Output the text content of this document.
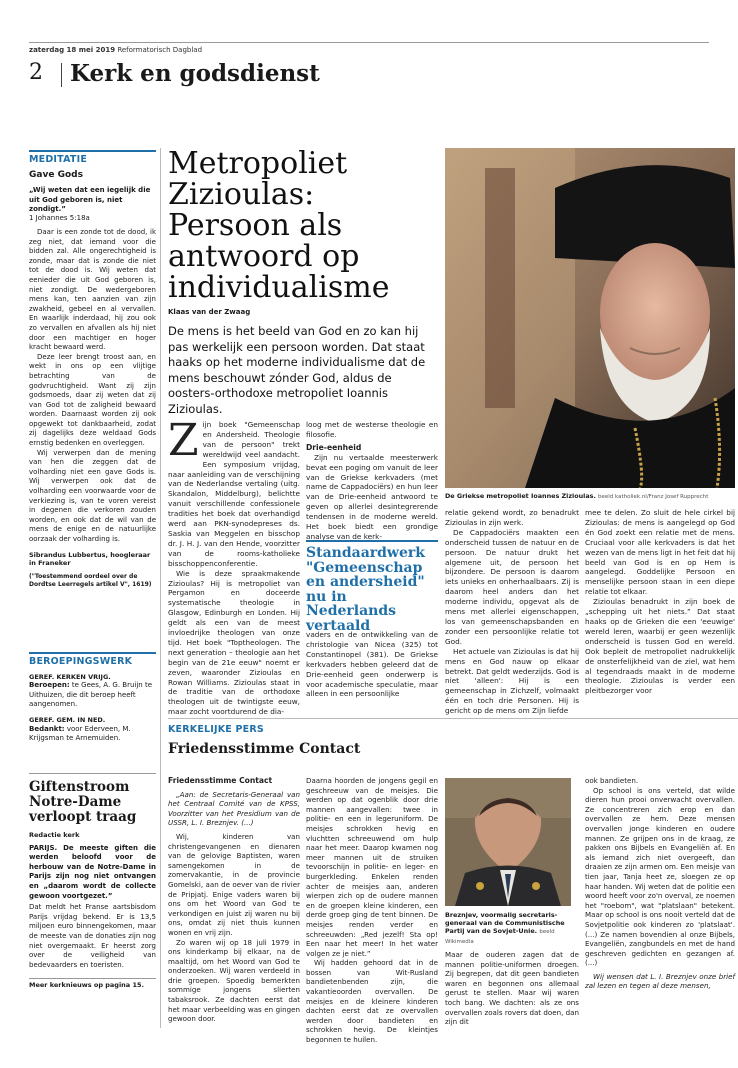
zaterdag 18 mei 2019 Reformatorisch Dagblad
2 Kerk en godsdienst
MEDITATIE
Gave Gods
„Wij weten dat een iegelijk die uit God geboren is, niet zondigt.”
1 Johannes 5:18a

Daar is een zonde tot de dood, ik zeg niet, dat iemand voor die bidden zal. Alle ongerechtigheid is zonde, maar dat is zonde die niet tot de dood is. Wij weten dat eenieder die uit God geboren is, niet zondigt. De wedergeboren mens kan, ten aanzien van zijn zwakheid, gebeel en al vervallen. En waarlijk inderdaad, hij zou ook zo vervallen en afvallen als hij niet door een machtiger en hoger kracht bewaard werd.

Deze leer brengt troost aan, en wekt in ons op een vlijtige betrachting van de godvruchtigheid. Want zij zijn godsmoeds, daar zij weten dat zij van God tot de zaligheid bewaard worden. Daarnaast worden zij ook opgewekt tot dankbaarheid, zodat zij dagelijks deze weldaad Gods ernstig bedenken en overleggen.

Wij verwerpen dan de mening van hen die zeggen dat de volharding niet een gave Gods is. Wij verwerpen ook dat de volharding een voorwaarde voor de verkiezing is, van te voren vereist in degenen die verkoren zouden worden, en ook dat de wil van de mens de enige en de natuurlijke oorzaak der volharding is.

Sibrandus Lubbertus, hoogleraar in Franeker
("Toestemmend oordeel over de Dordtse Leerregels artikel V", 1619)
BEROEPINGSWERK
GEREF. KERKEN VRIJG.
Beroepen: te Gees, A. G. Bruijn te Uithuizen, die dit beroep heeft aangenomen.
GEREF. GEM. IN NED.
Bedankt: voor Ederveen, M. Krijgsman te Arnemuiden.
Giftenstroom Notre-Dame verloopt traag
Redactie kerk
PARIJS. De meeste giften die werden beloofd voor de herbouw van de Notre-Dame in Parijs zijn nog niet ontvangen en „daarom wordt de collecte gewoon voortgezet.”

Dat meldt het Franse aartsbisdom Parijs vrijdag bekend. Er is 13,5 miljoen euro binnengekomen, maar de meeste van de donaties zijn nog niet overgemaakt. Er heerst zorg over de veiligheid van bedevaarders en toeristen.

Meer kerknieuws op pagina 15.
Metropoliet Zizioulas: Persoon als antwoord op individualisme
Klaas van der Zwaag
De mens is het beeld van God en zo kan hij pas werkelijk een persoon worden. Dat staat haaks op het moderne individualisme dat de mens beschouwt zónder God, aldus de oosters-orthodoxe metropoliet Ioannis Zizioulas.
De Griekse metropoliet Ioannes Zizioulas. beeld katholiek.nl/Franz Josef Rupprecht
Z ijn boek "Gemeenschap en Andersheid. Theologie van de persoon" trekt wereldwijd veel aandacht. Een symposium vrijdag, naar aanleiding van de verschijning van de Nederlandse vertaling (uitg. Skandalon, Middelburg), belichtte vanuit verschillende confessionele tradities het boek dat overhandigd werd aan PKN-synodepreses ds. Saskia van Meggelen en bisschop dr. J. H. J. van den Hende, voorzitter van de rooms-katholieke bisschoppenconferentie.

Wie is deze spraakmakende Zizioulas? Hij is metropoliet van Pergamon en doceerde systematische theologie in Glasgow, Edinburgh en Londen. Hij geldt als een van de meest invloedrijke theologen van onze tijd. Het boek "Toptheologen. The next generation – theologie aan het begin van de 21e eeuw" noemt er zeven, waaronder Zizioulas en Rowan Williams. Zizioulas staat in de traditie van de orthodoxe theologen uit de twintigste eeuw, maar zocht voortdurend de dia-

loog met de westerse theologie en filosofie.

Drie-eenheid

Zijn nu vertaalde meesterwerk bevat een poging om vanuit de leer van de Griekse kerkvaders (met name de Cappadociërs) en hun leer van de Drie-eenheid antwoord te geven op allerlei desintegrerende tendensen in de moderne wereld. Het boek biedt een grondige analyse van de kerk-

Standaardwerk "Gemeenschap en andersheid" nu in Nederlands vertaald

vaders en de ontwikkeling van de christologie van Nicea (325) tot Constantinopel (381). De Griekse kerkvaders hebben geleerd dat de Drie-eenheid geen onderwerp is voor academische speculatie, maar alleen in een persoonlijke

relatie gekend wordt, zo benadrukt Zizioulas in zijn werk.

De Cappadociërs maakten een onderscheid tussen de natuur en de persoon. De natuur drukt het algemene uit, de persoon het bijzondere. De persoon is daarom iets unieks en onherhaalbaars. Zij is daarom heel anders dan het moderne individu, opgevat als de mens met allerlei eigenschappen, los van gemeenschapsbanden en zonder een persoonlijke relatie tot God.

Het actuele van Zizioulas is dat hij mens en God nauw op elkaar betrekt. Dat geldt wederzijds. God is niet 'alleen': Hij is een gemeenschap in Zichzelf, volmaakt één en toch drie Personen. Hij is gericht op de mens om Zijn liefde

mee te delen. Zo sluit de hele cirkel bij Zizioulas: de mens is aangelegd op God én God zoekt een relatie met de mens. Cruciaal voor alle kerkvaders is dat het wezen van de mens ligt in het feit dat hij beeld van God is en op Hem is aangelegd. Goddelijke Persoon en menselijke persoon staan in een diepe relatie tot elkaar.

Zizioulas benadrukt in zijn boek de „schepping uit het niets.” Dat staat haaks op de Grieken die een 'eeuwige' wereld leren, waarbij er geen wezenlijk onderscheid is tussen God en wereld. Ook bepleit de metropoliet nadrukkelijk de onsterfelijkheid van de ziel, wat hem al tegendraads maakt in de moderne theologie. Zizioulas is verder een pleitbezorger voor

KERKELIJKE PERS
Friedensstimme Contact
Friedensstimme Contact

„Aan: de Secretaris-Generaal van het Centraal Comité van de KPSS, Voorzitter van het Presidium van de USSR, L. I. Breznjev. (...)

Wij, kinderen van christengevangenen en dienaren van de gelovige Baptisten, waren samengekomen in de zomervakantie, in de provincie Gomelski, aan de oever van de rivier de Pripjatj. Enige vaders waren bij ons om het Woord van God te verkondigen en juist zij waren nu bij ons, omdat zij niet thuis kunnen wonen en vrij zijn.

Zo waren wij op 18 juli 1979 in ons kinderkamp bij elkaar, na de maaltijd, om het Woord van God te onderzoeken. Wij waren verdeeld in drie groepen. Spoedig bemerkten sommige jongens slierten tabaksrook. Ze dachten eerst dat het maar verbeelding was en gingen gewoon door.

Daarna hoorden de jongens gegil en geschreeuw van de meisjes. Die werden op dat ogenblik door drie mannen aangevallen: twee in politie- en een in legeruniform. De meisjes schrokken hevig en vluchtten schreeuwend om hulp naar het meer. Daarop kwamen nog meer mannen uit de struiken tevoorschijn in politie- en leger- en burgerkleding. Enkelen renden achter de meisjes aan, anderen wierpen zich op de oudere mannen en de groepen kleine kinderen, een derde groep ging de tent binnen. De meisjes renden verder en schreeuwden: „Red jezelf! Sta op! Een naar het meer! In het water volgen ze je niet.”

Wij hadden gehoord dat in de bossen van Wit-Rusland bandietenbenden zijn, die vakantieoorden overvallen. De meisjes en de kleinere kinderen dachten eerst dat ze overvallen werden door bandieten en schrokken hevig. De kleintjes begonnen te huilen.

Breznjev, voormalig secretaris-generaal van de Communistische Partij van de Sovjet-Unie. beeld Wikimedia

Maar de ouderen zagen dat de mannen politie-uniformen droegen. Zij begrepen, dat dit geen bandieten waren en begonnen ons allemaal gerust te stellen. Maar wij waren toch bang. We dachten: als ze ons overvallen zoals rovers dat doen, dan zijn dit

ook bandieten.

Op school is ons verteld, dat wilde dieren hun prooi onverwacht overvallen. Ze concentreren zich erop en dan overvallen ze hem. Deze mensen overvallen jonge kinderen en oudere mannen. Ze grijpen ons in de kraag, ze pakken ons Bijbels en Evangeliën af. En als iemand zich niet overgeeft, dan draaien ze zijn armen om. Een meisje van tien jaar, Tanja heet ze, sloegen ze op haar handen. Wij weten dat de politie een woord heeft voor zo'n overval, ze noemen het "roebom", wat "platslaan" betekent. Maar op school is ons nooit verteld dat de Sovjetpolitie ook kinderen zo 'platslaat'. (...) Ze namen bovendien al onze Bijbels, Evangeliën, zangbundels en met de hand geschreven gedichten en gezangen af. (...)

Wij wensen dat L. I. Breznjev onze brief zal lezen en tegen al deze mensen,
